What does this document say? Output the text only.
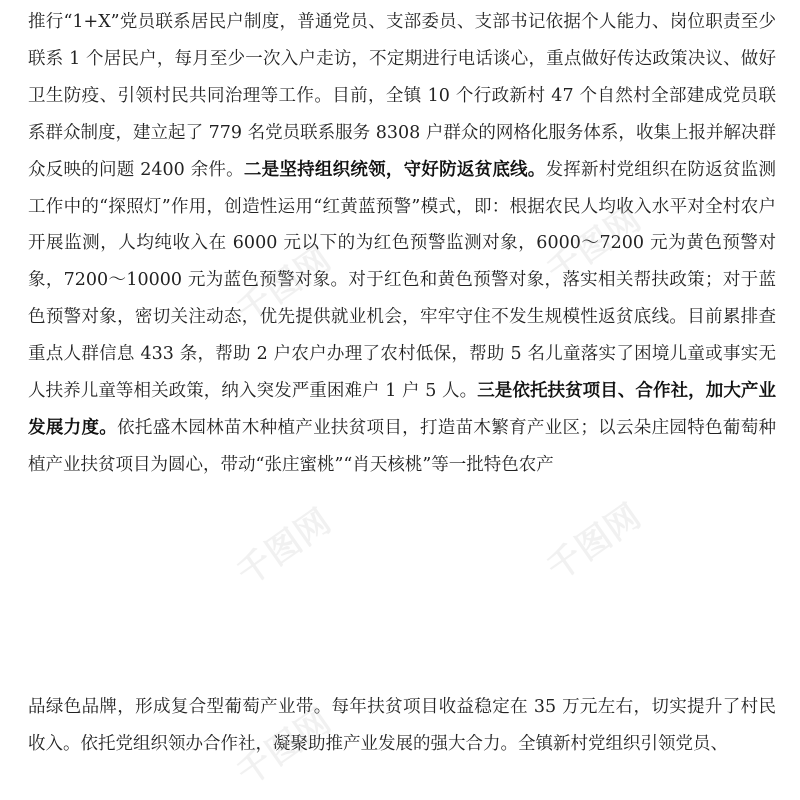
推行“1+X”党员联系居民户制度，普通党员、支部委员、支部书记依据个人能力、岗位职责至少联系 1 个居民户，每月至少一次入户走访，不定期进行电话谈心，重点做好传达政策决议、做好卫生防疫、引领村民共同治理等工作。目前，全镇 10 个行政新村 47 个自然村全部建成党员联系群众制度，建立起了 779 名党员联系服务 8308 户群众的网格化服务体系，收集上报并解决群众反映的问题 2400 余件。二是坚持组织统领，守好防返贫底线。发挥新村党组织在防返贫监测工作中的“探照灯”作用，创造性运用“红黄蓝预警”模式，即：根据农民人均收入水平对全村农户开展监测，人均纯收入在 6000 元以下的为红色预警监测对象，6000～7200 元为黄色预警对象，7200～10000 元为蓝色预警对象。对于红色和黄色预警对象，落实相关帮扶政策；对于蓝色预警对象，密切关注动态，优先提供就业机会，牢牢守住不发生规模性返贫底线。目前累排查重点人群信息 433 条，帮助 2 户农户办理了农村低保，帮助 5 名儿童落实了困境儿童或事实无人扶养儿童等相关政策，纳入突发严重困难户 1 户 5 人。三是依托扶贫项目、合作社，加大产业发展力度。依托盛木园林苗木种植产业扶贫项目，打造苗木繁育产业区；以云朵庄园特色葡萄种植产业扶贫项目为圆心，带动“张庄蜜桃”“肖天核桃”等一批特色农产

品绿色品牌，形成复合型葡萄产业带。每年扶贫项目收益稳定在 35 万元左右，切实提升了村民收入。依托党组织领办合作社，凝聚助推产业发展的强大合力。全镇新村党组织引领党员、

千图网	千图网
千图网
千图网
千图网
